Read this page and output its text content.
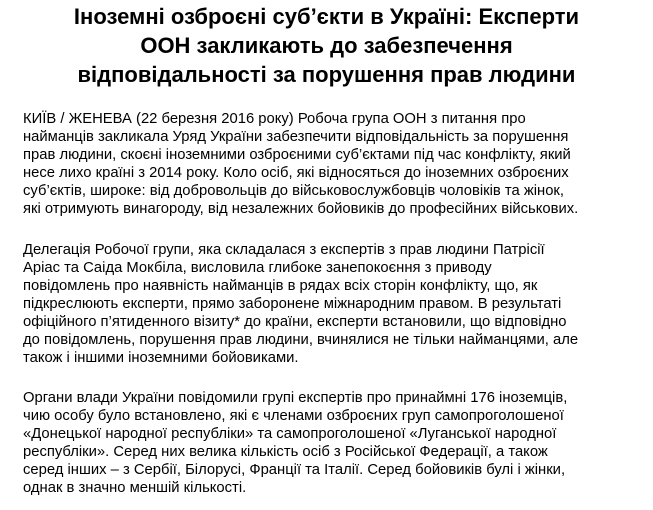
Іноземні озброєні суб’єкти в Україні: Експерти
ООН закликають до забезпечення
відповідальності за порушення прав людини

КИЇВ / ЖЕНЕВА (22 березня 2016 року) Робоча група ООН з питання про
найманців закликала Уряд України забезпечити відповідальність за порушення
прав людини, скоєні іноземними озброєними суб’єктами під час конфлікту, який
несе лихо країні з 2014 року. Коло осіб, які відносяться до іноземних озброєних
суб’єктів, широке: від добровольців до військовослужбовців чоловіків та жінок,
які отримують винагороду, від незалежних бойовиків до професійних військових.

Делегація Робочої групи, яка складалася з експертів з прав людини Патрісії
Аріас та Саіда Мокбіла, висловила глибоке занепокоєння з приводу
повідомлень про наявність найманців в рядах всіх сторін конфлікту, що, як
підкреслюють експерти, прямо заборонене міжнародним правом. В результаті
офіційного п’ятиденного візиту* до країни, експерти встановили, що відповідно
до повідомлень, порушення прав людини, вчинялися не тільки найманцями, але
також і іншими іноземними бойовиками.

Органи влади України повідомили групі експертів про принаймні 176 іноземців,
чию особу було встановлено, які є членами озброєних груп самопроголошеної
«Донецької народної республіки» та самопроголошеної «Луганської народної
республіки». Серед них велика кількість осіб з Російської Федерації, а також
серед інших – з Сербії, Білорусі, Франції та Італії. Серед бойовиків булі і жінки,
однак в значно меншій кількості.
